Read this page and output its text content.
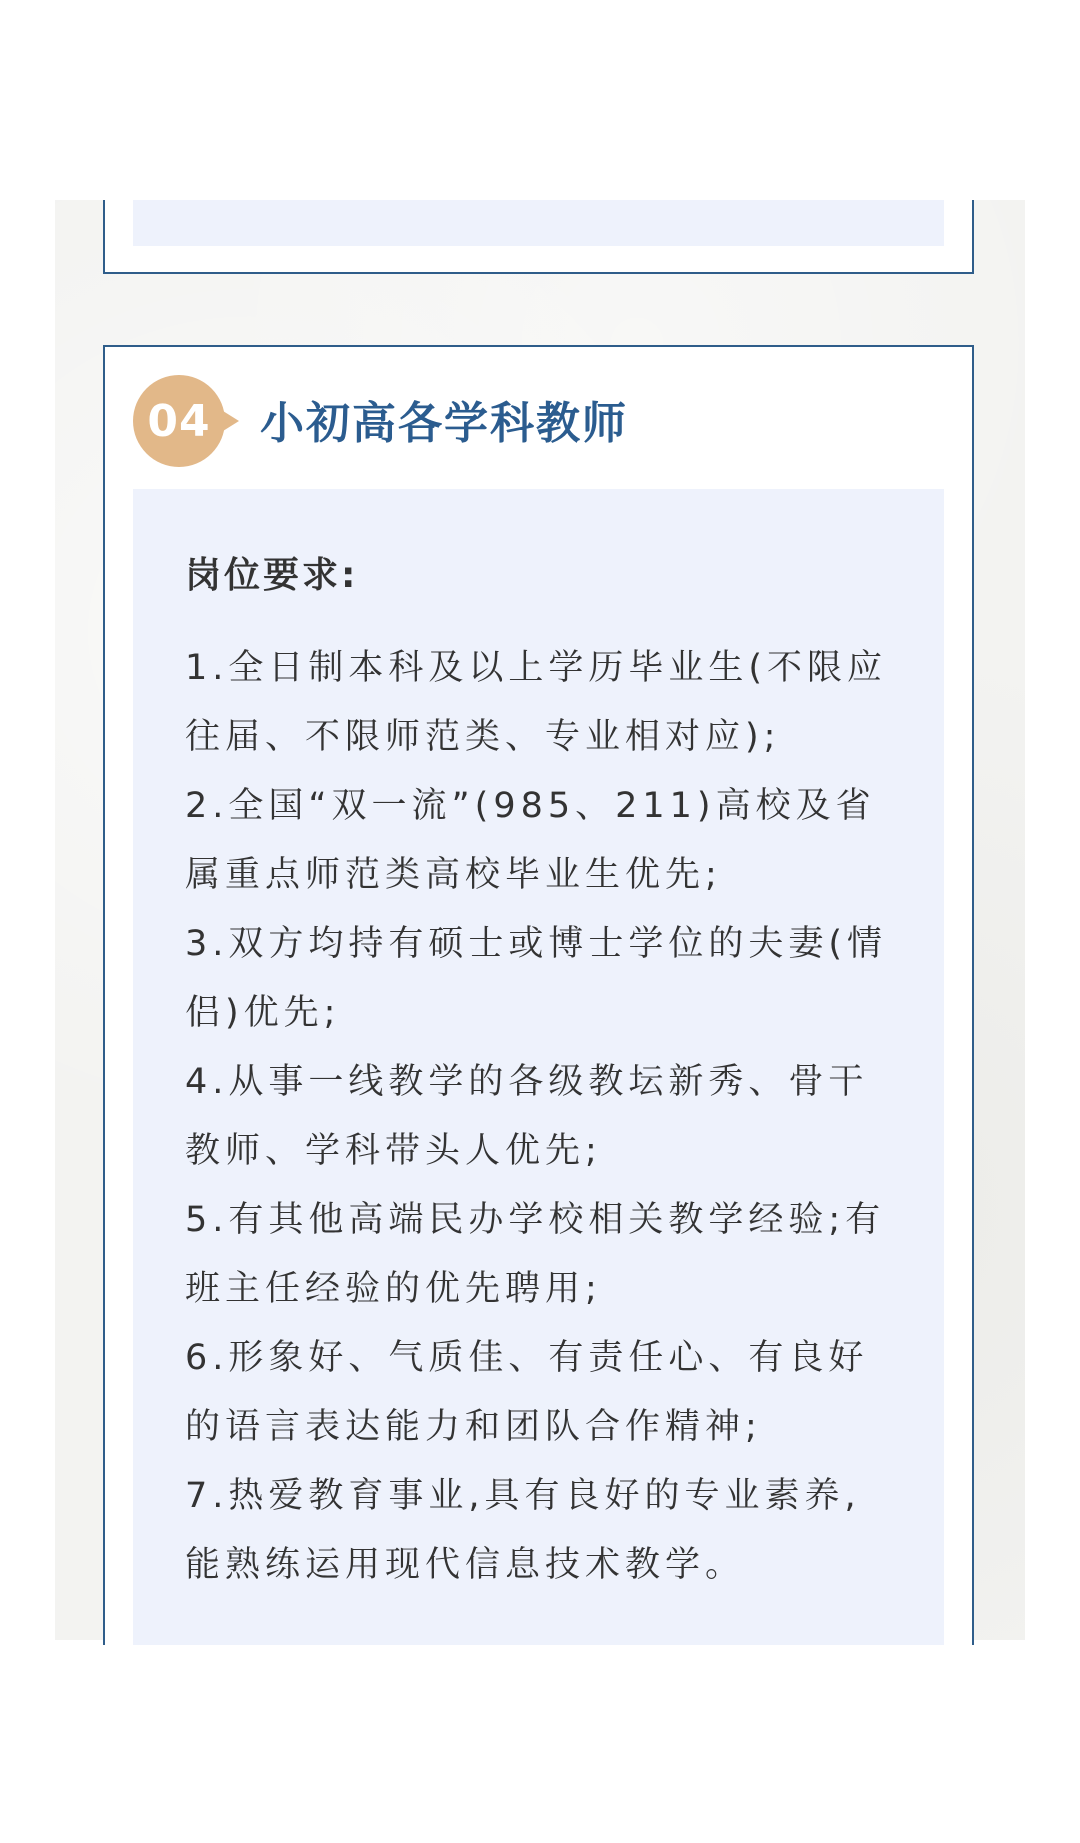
04	小初高各学科教师

岗位要求:

1.全日制本科及以上学历毕业生(不限应往届、不限师范类、专业相对应);

2.全国“双一流”(985、211)高校及省属重点师范类高校毕业生优先;

3.双方均持有硕士或博士学位的夫妻(情侣)优先;

4.从事一线教学的各级教坛新秀、骨干教师、学科带头人优先;

5.有其他高端民办学校相关教学经验;有班主任经验的优先聘用;

6.形象好、气质佳、有责任心、有良好的语言表达能力和团队合作精神;

7.热爱教育事业,具有良好的专业素养,能熟练运用现代信息技术教学。
